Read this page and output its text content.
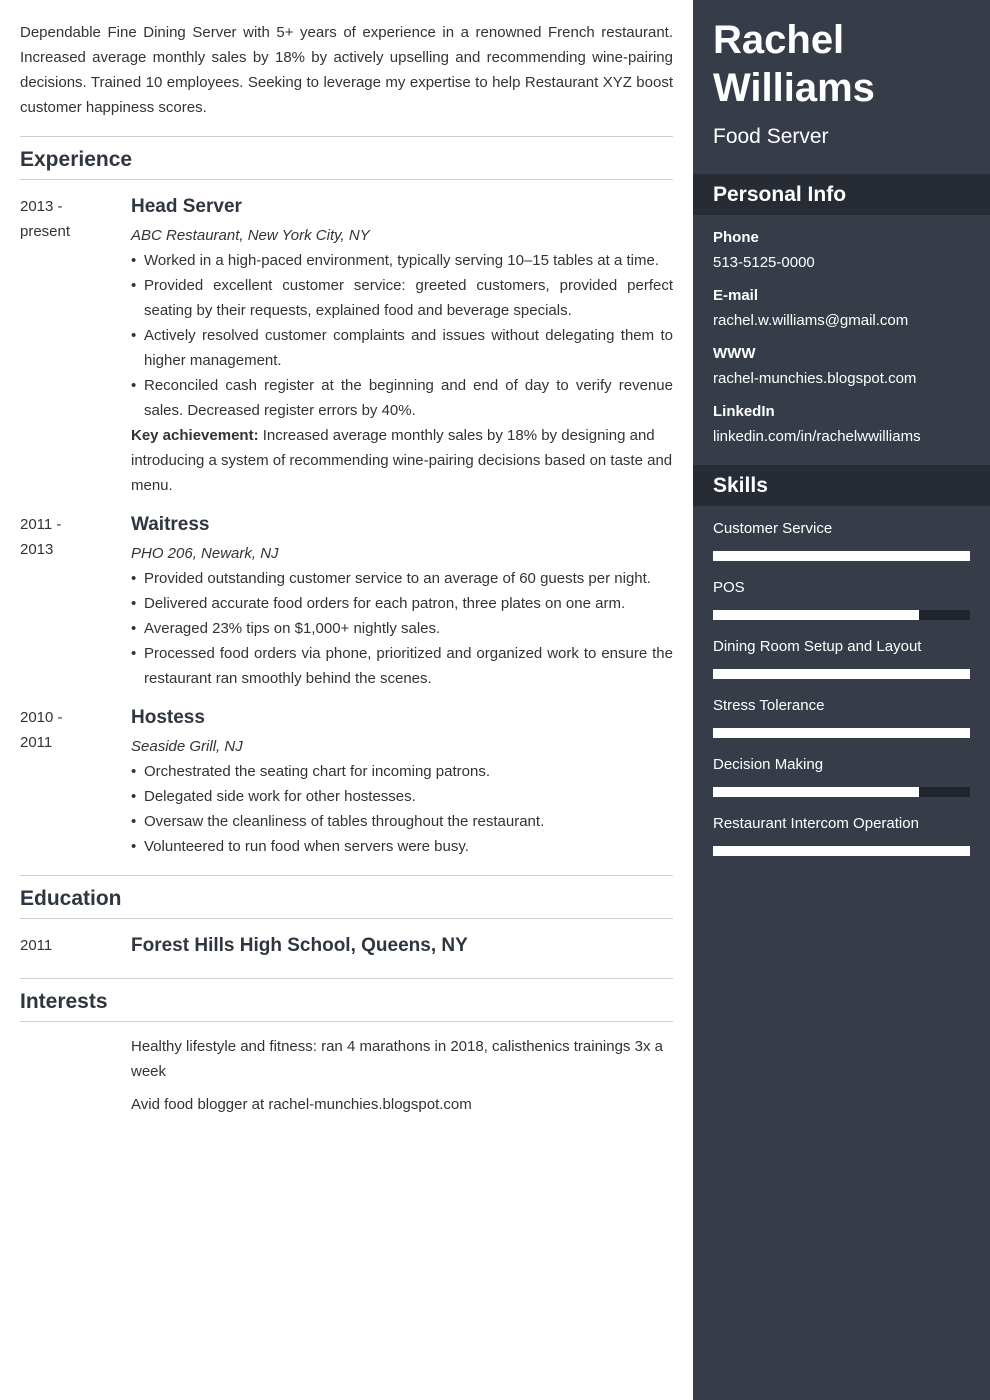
Dependable Fine Dining Server with 5+ years of experience in a renowned French restaurant. Increased average monthly sales by 18% by actively upselling and recommending wine-pairing decisions. Trained 10 employees. Seeking to leverage my expertise to help Restaurant XYZ boost customer happiness scores.

Experience
2013 -
present
Head Server
ABC Restaurant, New York City, NY
• Worked in a high-paced environment, typically serving 10–15 tables at a time.
• Provided excellent customer service: greeted customers, provided perfect seating by their requests, explained food and beverage specials.
• Actively resolved customer complaints and issues without delegating them to higher management.
• Reconciled cash register at the beginning and end of day to verify revenue sales. Decreased register errors by 40%.
Key achievement: Increased average monthly sales by 18% by designing and introducing a system of recommending wine-pairing decisions based on taste and menu.
2011 -
2013
Waitress
PHO 206, Newark, NJ
• Provided outstanding customer service to an average of 60 guests per night.
• Delivered accurate food orders for each patron, three plates on one arm.
• Averaged 23% tips on $1,000+ nightly sales.
• Processed food orders via phone, prioritized and organized work to ensure the restaurant ran smoothly behind the scenes.
2010 -
2011
Hostess
Seaside Grill, NJ
• Orchestrated the seating chart for incoming patrons.
• Delegated side work for other hostesses.
• Oversaw the cleanliness of tables throughout the restaurant.
• Volunteered to run food when servers were busy.
Education
2011	Forest Hills High School, Queens, NY
Interests

Healthy lifestyle and fitness: ran 4 marathons in 2018, calisthenics trainings 3x a week

Avid food blogger at rachel-munchies.blogspot.com

Rachel
Williams
Food Server
Personal Info
Phone
513-5125-0000
E-mail
rachel.w.williams@gmail.com
WWW
rachel-munchies.blogspot.com
LinkedIn
linkedin.com/in/rachelwwilliams
Skills
Customer Service
POS
Dining Room Setup and Layout
Stress Tolerance
Decision Making
Restaurant Intercom Operation
